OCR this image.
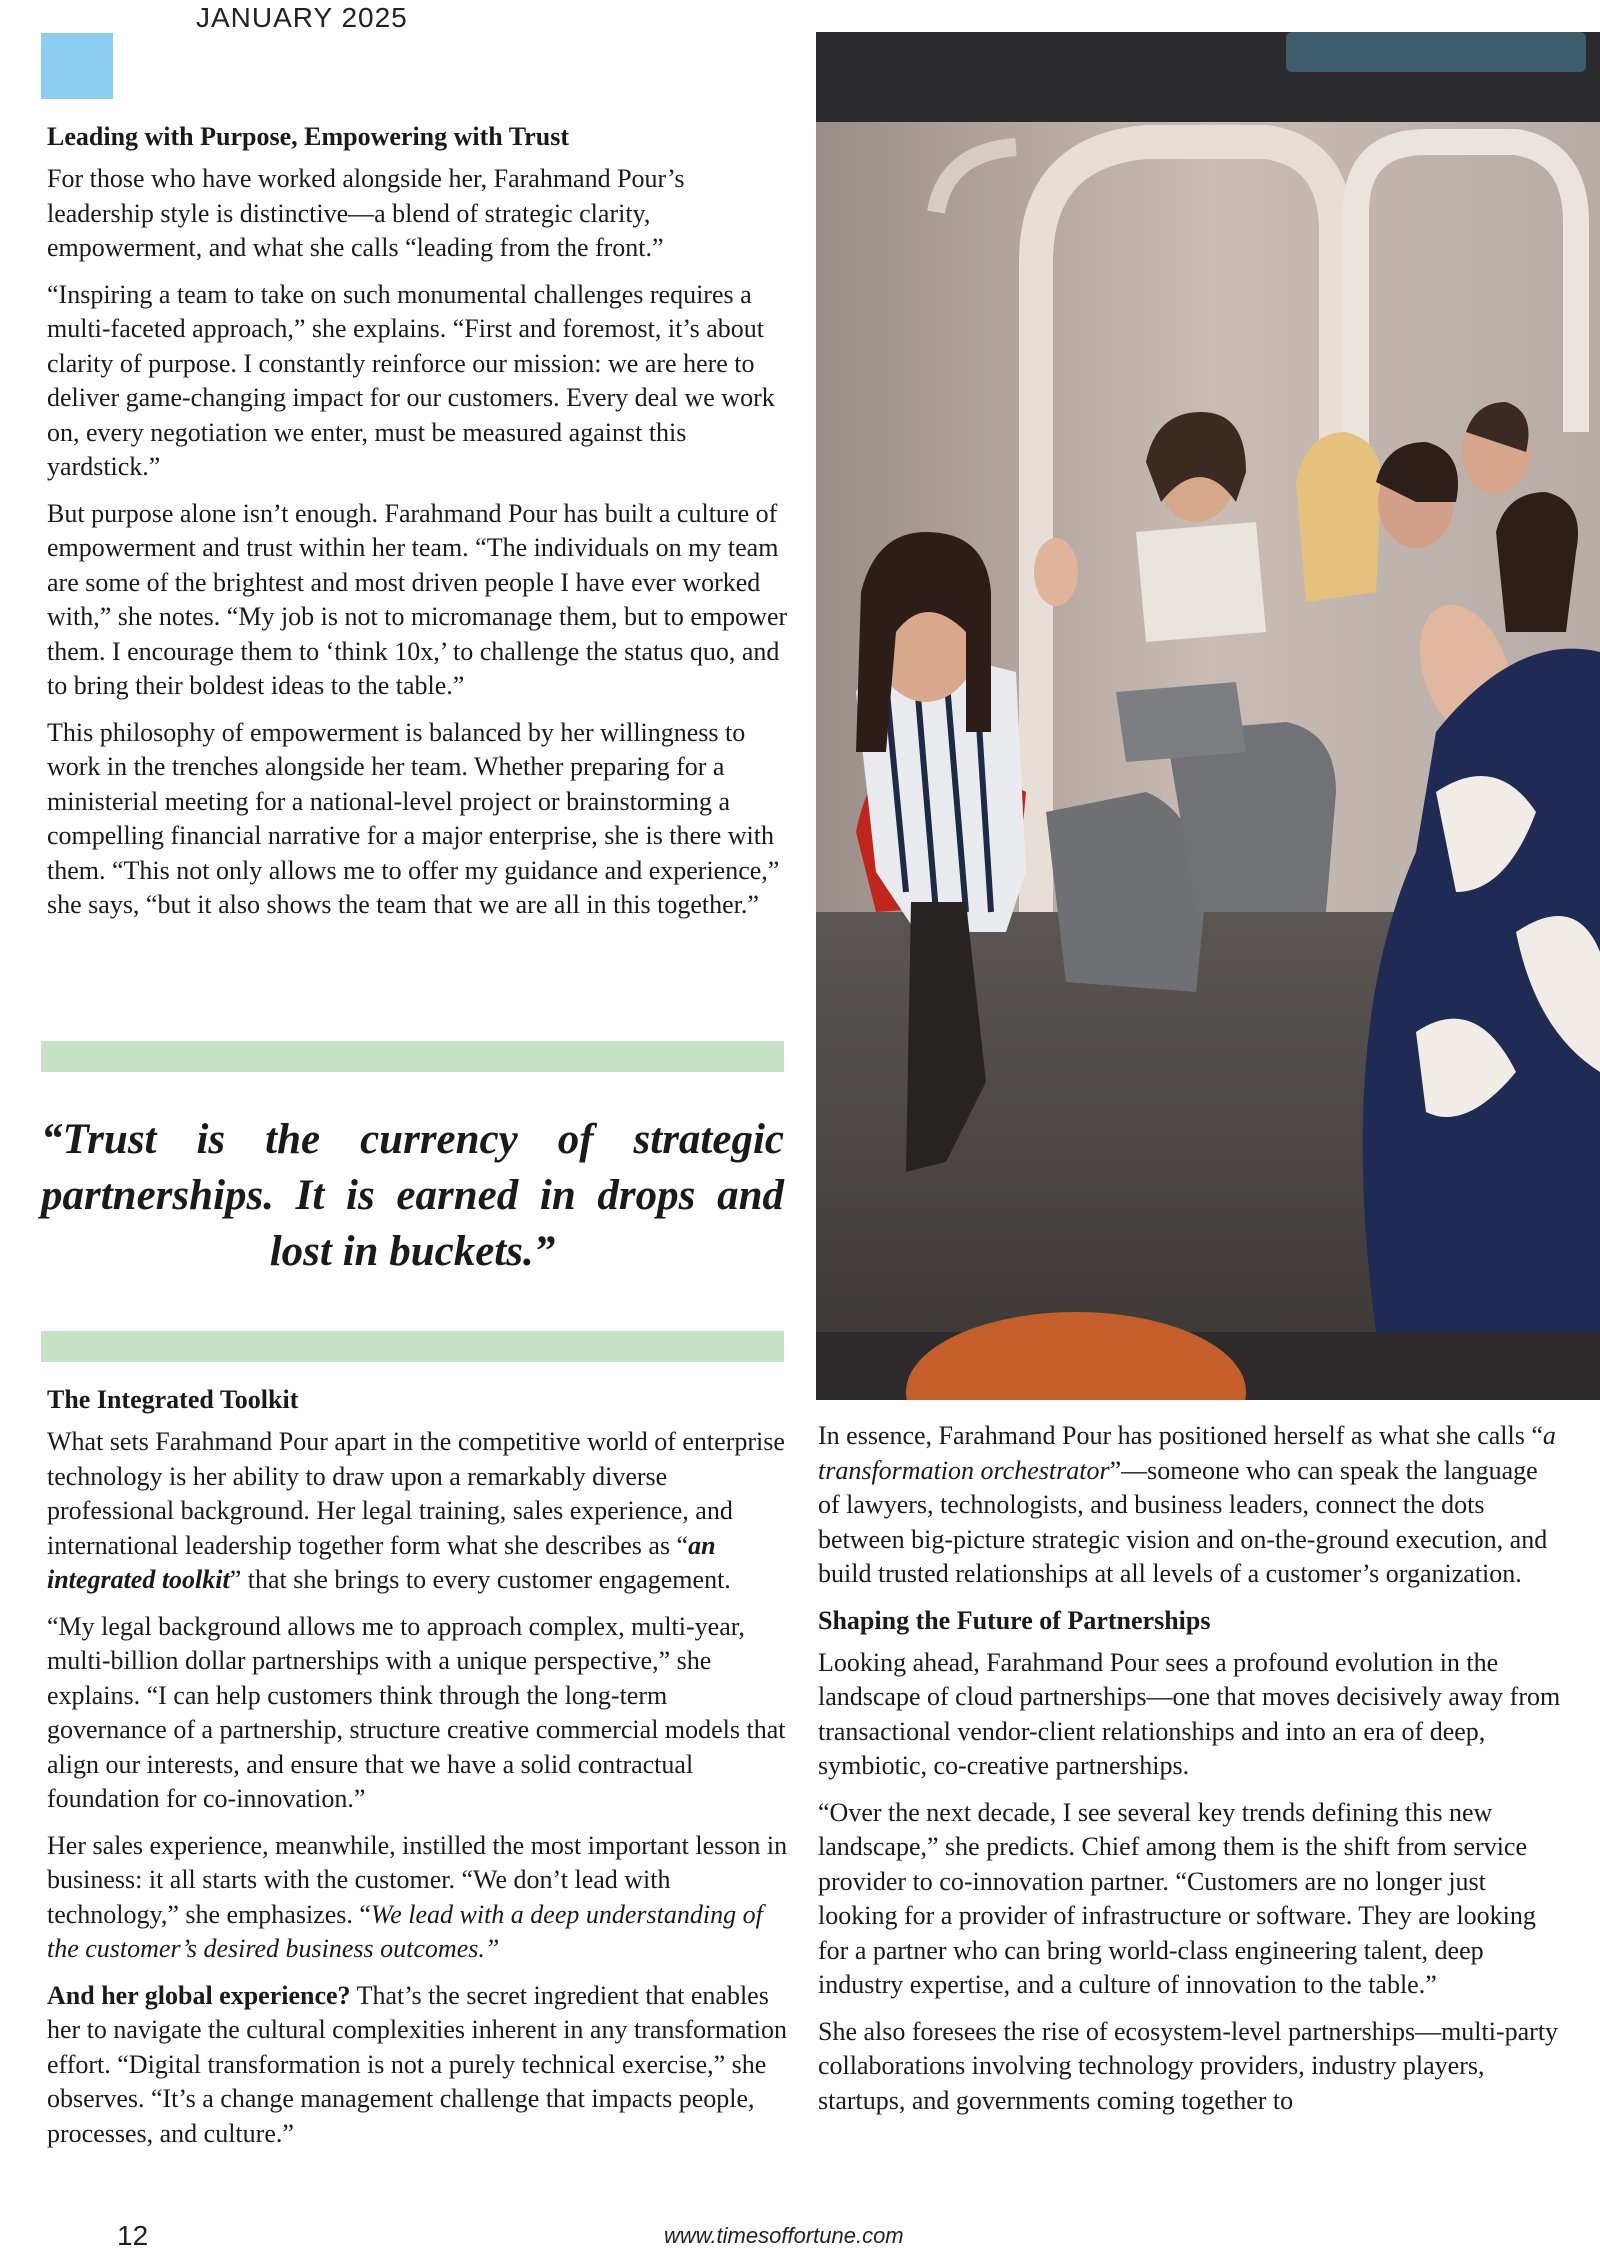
JANUARY 2025
Leading with Purpose, Empowering with Trust

For those who have worked alongside her, Farahmand Pour’s leadership style is distinctive—a blend of strategic clarity, empowerment, and what she calls “leading from the front.”

“Inspiring a team to take on such monumental challenges requires a multi-faceted approach,” she explains. “First and foremost, it’s about clarity of purpose. I constantly reinforce our mission: we are here to deliver game-changing impact for our customers. Every deal we work on, every negotiation we enter, must be measured against this yardstick.”

But purpose alone isn’t enough. Farahmand Pour has built a culture of empowerment and trust within her team. “The individuals on my team are some of the brightest and most driven people I have ever worked with,” she notes. “My job is not to micromanage them, but to empower them. I encourage them to ‘think 10x,’ to challenge the status quo, and to bring their boldest ideas to the table.”

This philosophy of empowerment is balanced by her willingness to work in the trenches alongside her team. Whether preparing for a ministerial meeting for a national-level project or brainstorming a compelling financial narrative for a major enterprise, she is there with them. “This not only allows me to offer my guidance and experience,” she says, “but it also shows the team that we are all in this together.”

“Trust is the currency of strategic partnerships. It is earned in drops and lost in buckets.”
The Integrated Toolkit

What sets Farahmand Pour apart in the competitive world of enterprise technology is her ability to draw upon a remarkably diverse professional background. Her legal training, sales experience, and international leadership together form what she describes as “an integrated toolkit” that she brings to every customer engagement.

“My legal background allows me to approach complex, multi-year, multi-billion dollar partnerships with a unique perspective,” she explains. “I can help customers think through the long-term governance of a partnership, structure creative commercial models that align our interests, and ensure that we have a solid contractual foundation for co-innovation.”

Her sales experience, meanwhile, instilled the most important lesson in business: it all starts with the customer. “We don’t lead with technology,” she emphasizes. “We lead with a deep understanding of the customer’s desired business outcomes.”

And her global experience? That’s the secret ingredient that enables her to navigate the cultural complexities inherent in any transformation effort. “Digital transformation is not a purely technical exercise,” she observes. “It’s a change management challenge that impacts people, processes, and culture.”

In essence, Farahmand Pour has positioned herself as what she calls “a transformation orchestrator”—someone who can speak the language of lawyers, technologists, and business leaders, connect the dots between big-picture strategic vision and on-the-ground execution, and build trusted relationships at all levels of a customer’s organization.

Shaping the Future of Partnerships

Looking ahead, Farahmand Pour sees a profound evolution in the landscape of cloud partnerships—one that moves decisively away from transactional vendor-client relationships and into an era of deep, symbiotic, co-creative partnerships.

“Over the next decade, I see several key trends defining this new landscape,” she predicts. Chief among them is the shift from service provider to co-innovation partner. “Customers are no longer just looking for a provider of infrastructure or software. They are looking for a partner who can bring world-class engineering talent, deep industry expertise, and a culture of innovation to the table.”

She also foresees the rise of ecosystem-level partnerships—multi-party collaborations involving technology providers, industry players, startups, and governments coming together to

12	www.timesoffortune.com
